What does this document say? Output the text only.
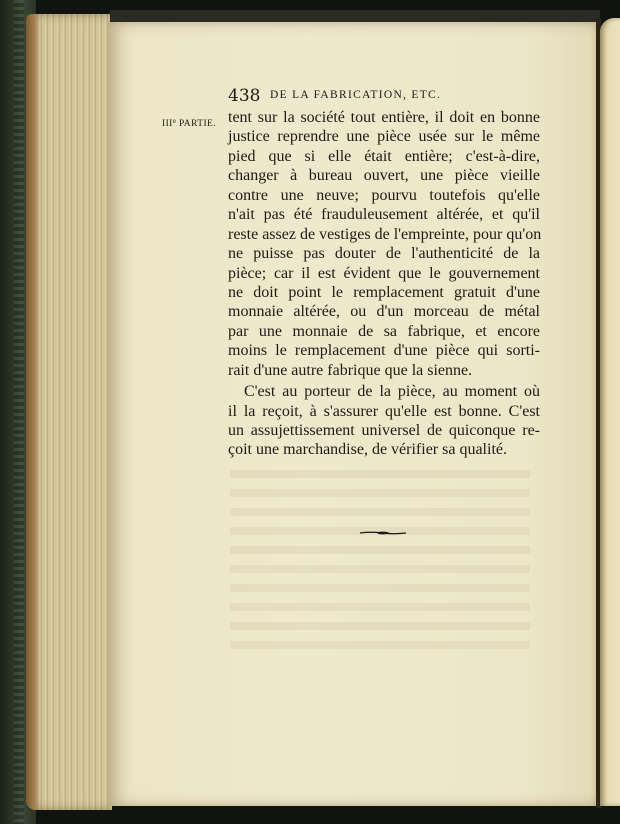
438 DE LA FABRICATION, ETC.
IIIe PARTIE. tent sur la société tout entière, il doit en bonne
justice reprendre une pièce usée sur le même
pied que si elle était entière; c'est-à-dire,
changer à bureau ouvert, une pièce vieille
contre une neuve; pourvu toutefois qu'elle
n'ait pas été frauduleusement altérée, et qu'il
reste assez de vestiges de l'empreinte, pour qu'on
ne puisse pas douter de l'authenticité de la
pièce; car il est évident que le gouvernement
ne doit point le remplacement gratuit d'une
monnaie altérée, ou d'un morceau de métal
par une monnaie de sa fabrique, et encore
moins le remplacement d'une pièce qui sorti-
rait d'une autre fabrique que la sienne.
C'est au porteur de la pièce, au moment où
il la reçoit, à s'assurer qu'elle est bonne. C'est
un assujettissement universel de quiconque re-
çoit une marchandise, de vérifier sa qualité.
